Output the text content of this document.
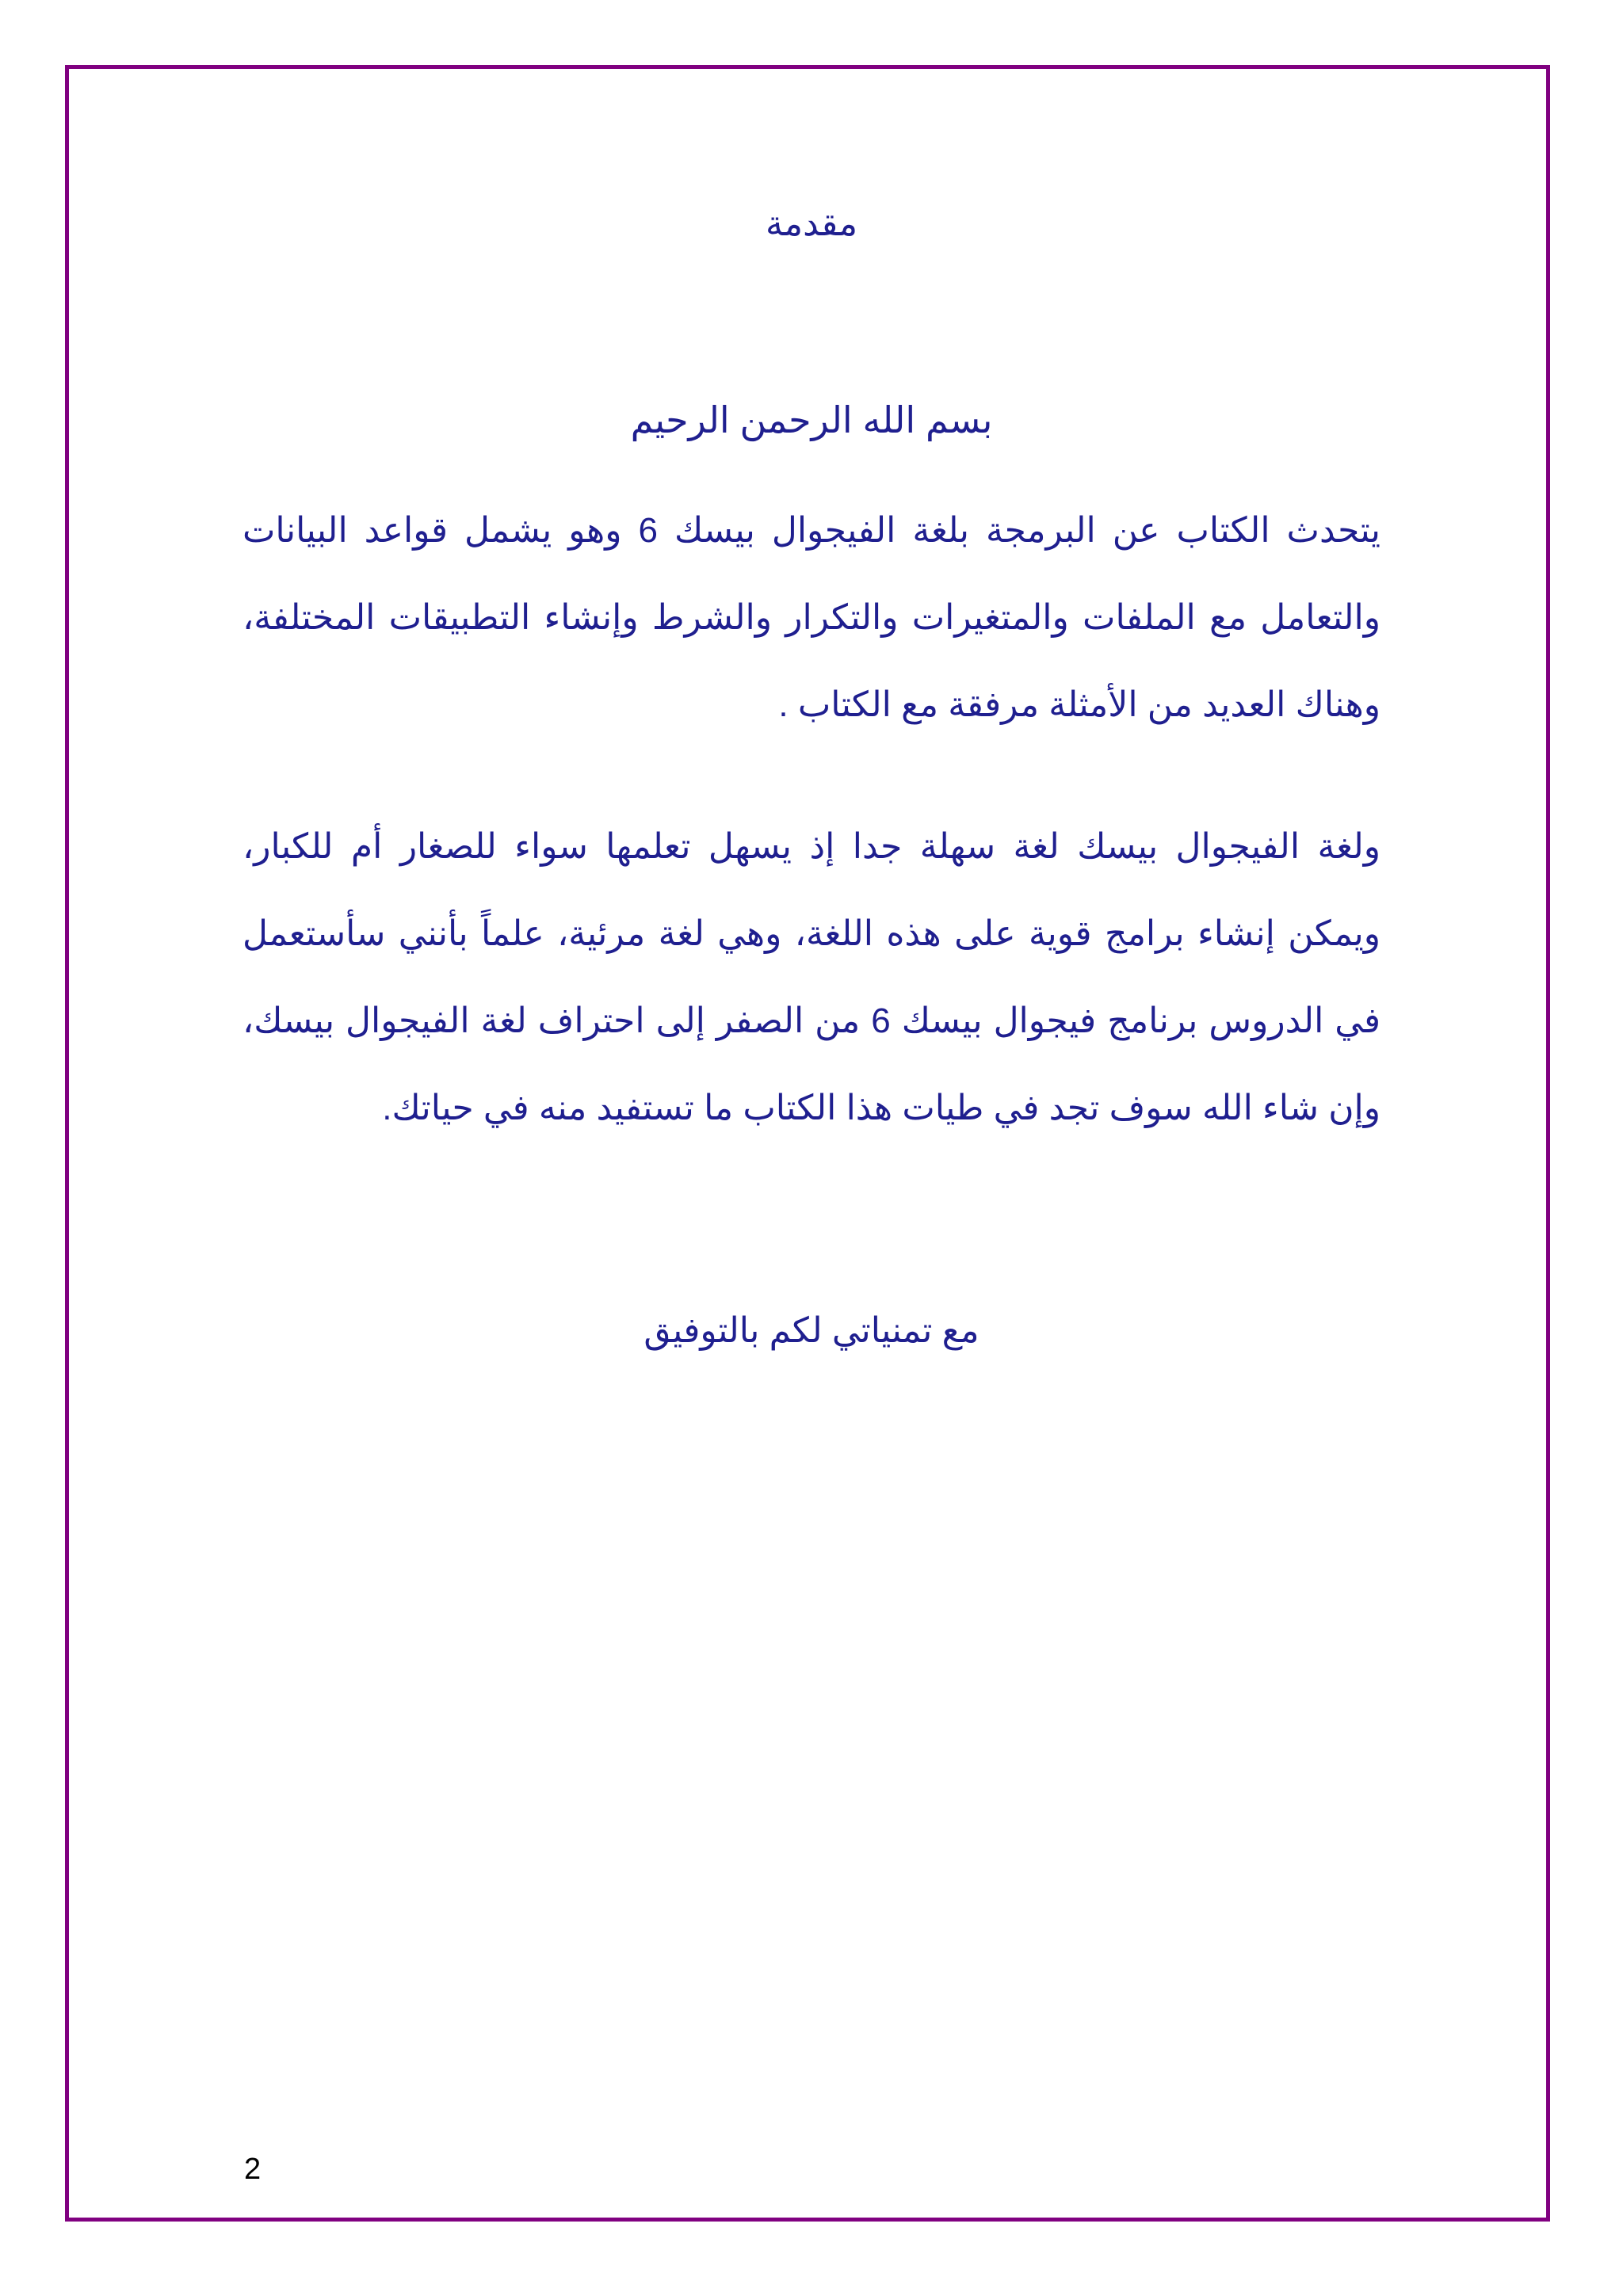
مقدمة
بسم الله الرحمن الرحيم

يتحدث الكتاب عن البرمجة بلغة الفيجوال بيسك 6 وهو يشمل قواعد البيانات والتعامل مع الملفات والمتغيرات والتكرار والشرط وإنشاء التطبيقات المختلفة، وهناك العديد من الأمثلة مرفقة مع الكتاب .

ولغة الفيجوال بيسك لغة سهلة جدا إذ يسهل تعلمها سواء للصغار أم للكبار، ويمكن إنشاء برامج قوية على هذه اللغة، وهي لغة مرئية، علماً بأنني سأستعمل في الدروس برنامج فيجوال بيسك 6 من الصفر إلى احتراف لغة الفيجوال بيسك، وإن شاء الله سوف تجد في طيات هذا الكتاب ما تستفيد منه في حياتك.

مع تمنياتي لكم بالتوفيق
2
